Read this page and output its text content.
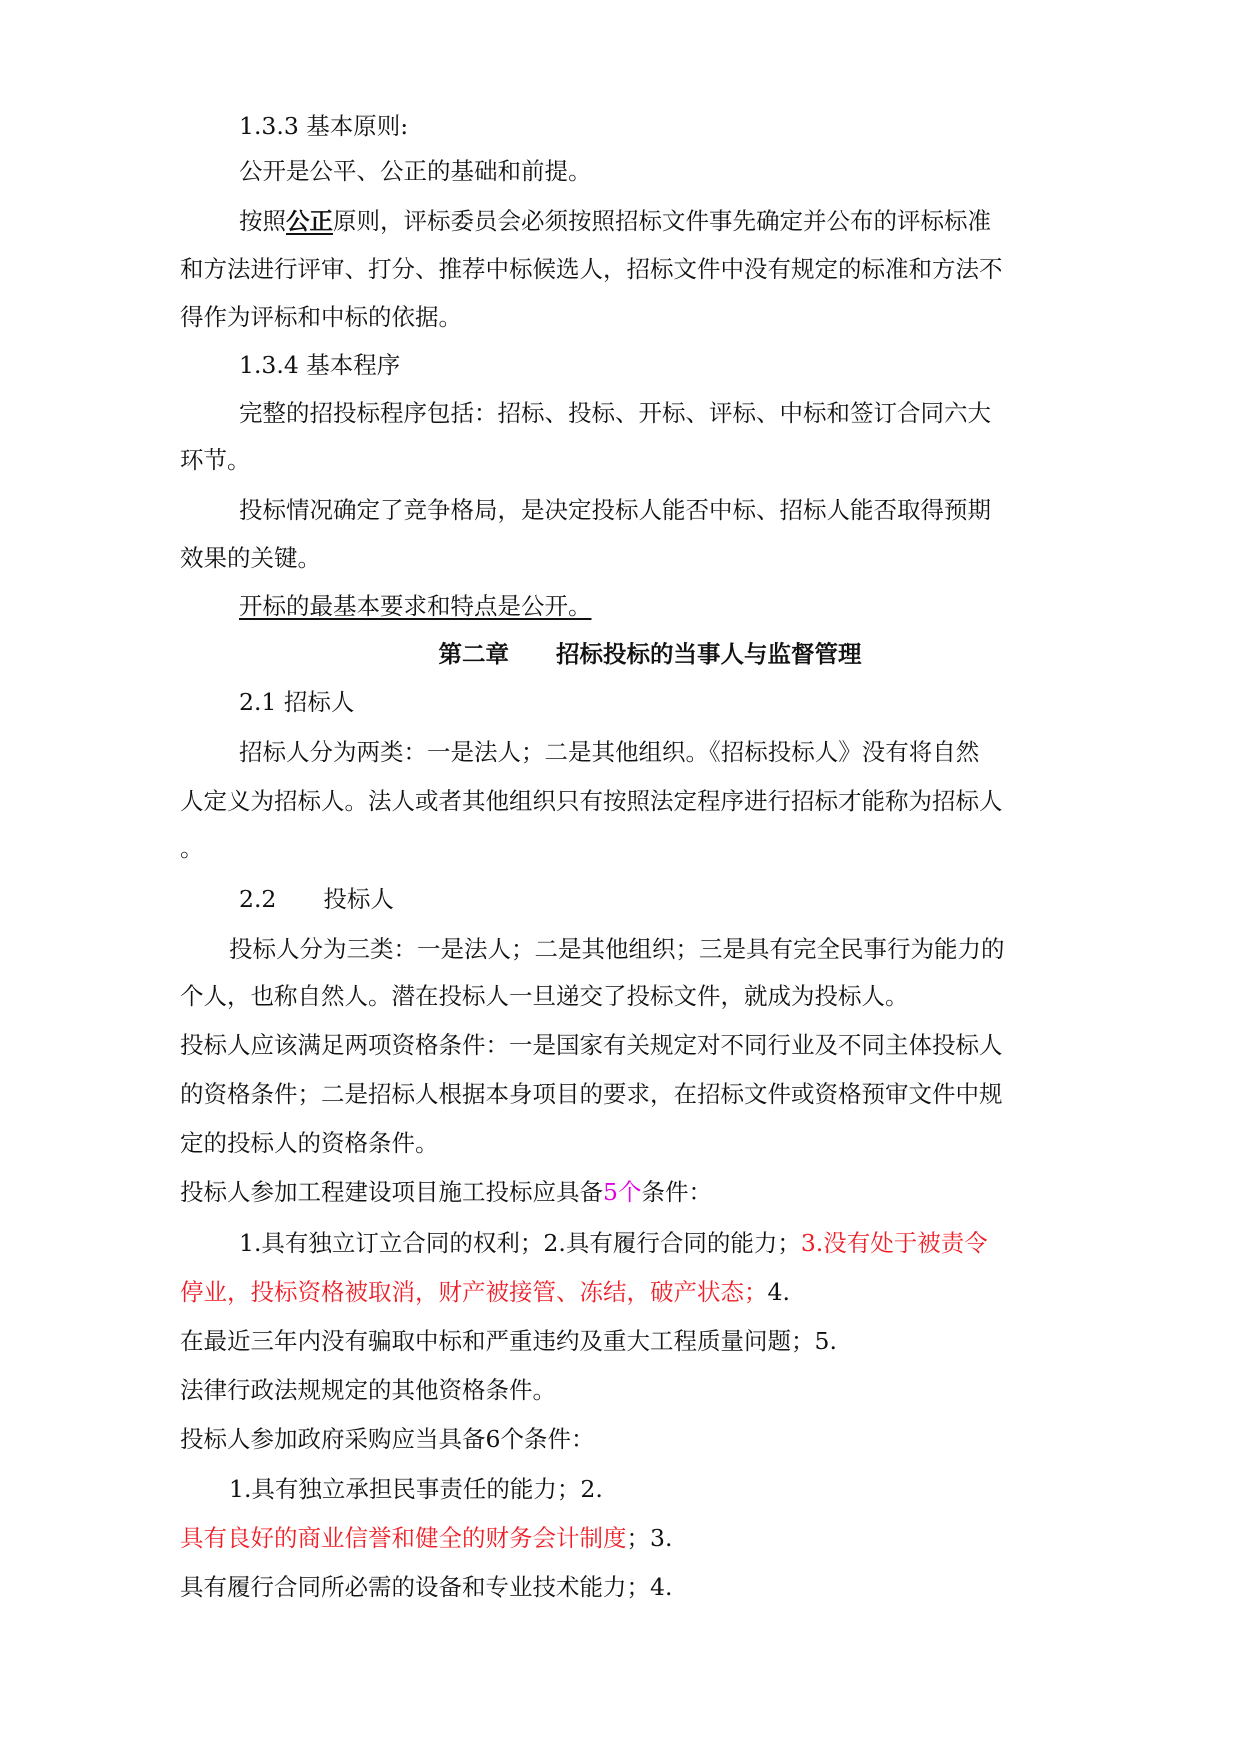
1.3.3 基本原则:
公开是公平、公正的基础和前提。
按照公正原则，评标委员会必须按照招标文件事先确定并公布的评标标准
和方法进行评审、打分、推荐中标候选人，招标文件中没有规定的标准和方法不
得作为评标和中标的依据。
1.3.4 基本程序
完整的招投标程序包括：招标、投标、开标、评标、中标和签订合同六大
环节。
投标情况确定了竞争格局，是决定投标人能否中标、招标人能否取得预期
效果的关键。
开标的最基本要求和特点是公开。
第二章　　招标投标的当事人与监督管理
2.1 招标人
招标人分为两类：一是法人；二是其他组织。《招标投标人》没有将自然
人定义为招标人。法人或者其他组织只有按照法定程序进行招标才能称为招标人
。
2.2　　投标人
投标人分为三类：一是法人；二是其他组织；三是具有完全民事行为能力的
个人，也称自然人。潜在投标人一旦递交了投标文件，就成为投标人。
投标人应该满足两项资格条件：一是国家有关规定对不同行业及不同主体投标人
的资格条件；二是招标人根据本身项目的要求，在招标文件或资格预审文件中规
定的投标人的资格条件。
投标人参加工程建设项目施工投标应具备5个条件：
1.具有独立订立合同的权利；2.具有履行合同的能力；3.没有处于被责令
停业，投标资格被取消，财产被接管、冻结，破产状态；4.
在最近三年内没有骗取中标和严重违约及重大工程质量问题；5.
法律行政法规规定的其他资格条件。
投标人参加政府采购应当具备6个条件：
1.具有独立承担民事责任的能力；2.
具有良好的商业信誉和健全的财务会计制度；3.
具有履行合同所必需的设备和专业技术能力；4.
